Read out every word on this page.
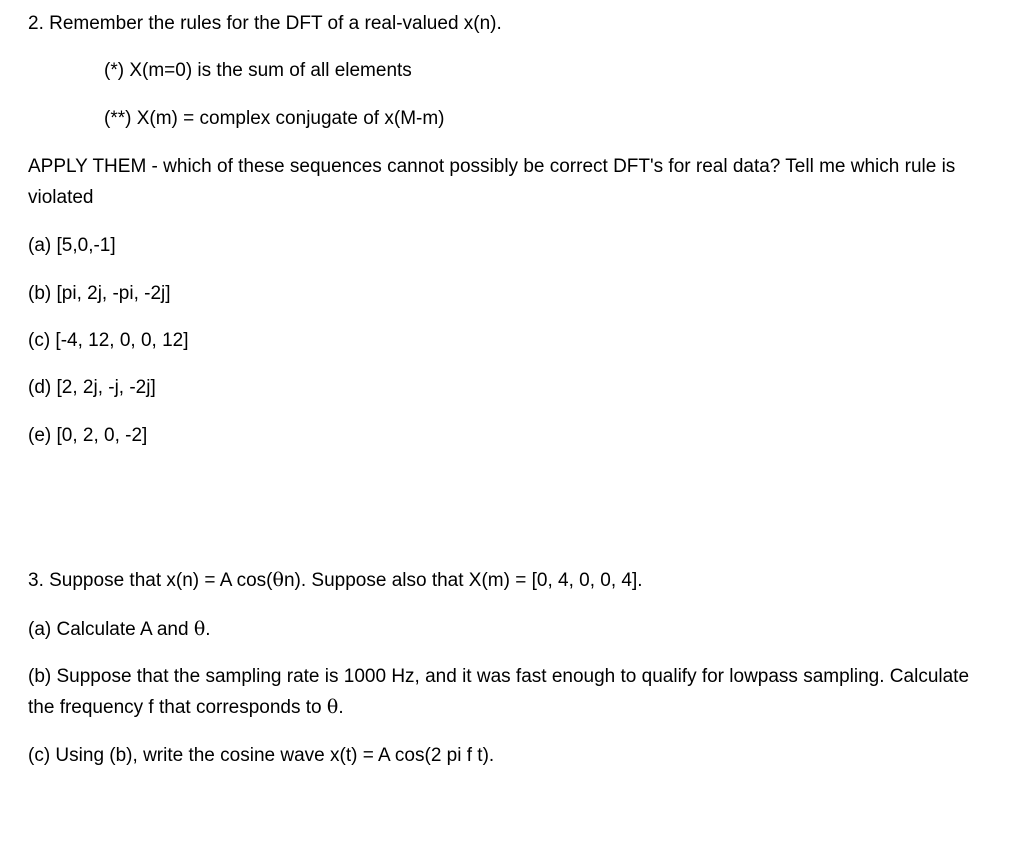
2. Remember the rules for the DFT of a real-valued x(n).
(*) X(m=0) is the sum of all elements
(**) X(m) = complex conjugate of x(M-m)
APPLY THEM - which of these sequences cannot possibly be correct DFT's for real data? Tell me which rule is violated
(a) [5,0,-1]
(b) [pi, 2j, -pi, -2j]
(c) [-4, 12, 0, 0, 12]
(d) [2, 2j, -j, -2j]
(e) [0, 2, 0, -2]
3. Suppose that x(n) = A cos(θn). Suppose also that X(m) = [0, 4, 0, 0, 4].
(a) Calculate A and θ.
(b) Suppose that the sampling rate is 1000 Hz, and it was fast enough to qualify for lowpass sampling. Calculate the frequency f that corresponds to θ.
(c) Using (b), write the cosine wave x(t) = A cos(2 pi f t).
